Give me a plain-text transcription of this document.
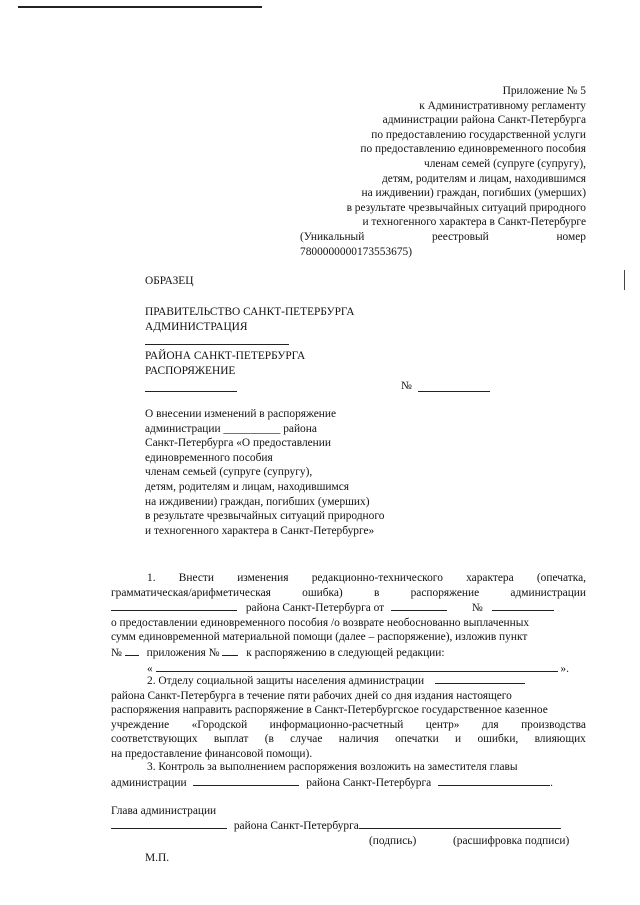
Приложение № 5
к Административному регламенту
администрации района Санкт-Петербурга
по предоставлению государственной услуги
по предоставлению единовременного пособия
членам семей (супруге (супругу),
детям, родителям и лицам, находившимся
на иждивении) граждан, погибших (умерших)
в результате чрезвычайных ситуаций природного
и техногенного характера в Санкт-Петербурге
(Уникальный	реестровый	номер
7800000000173553675)
ОБРАЗЕЦ
ПРАВИТЕЛЬСТВО САНКТ-ПЕТЕРБУРГА
АДМИНИСТРАЦИЯ
РАЙОНА САНКТ-ПЕТЕРБУРГА
РАСПОРЯЖЕНИЕ
№
О внесении изменений в распоряжение
администрации __________ района
Санкт-Петербурга «О предоставлении
единовременного пособия
членам семьей (супруге (супругу),
детям, родителям и лицам, находившимся
на иждивении) граждан, погибших (умерших)
в результате чрезвычайных ситуаций природного
и техногенного характера в Санкт-Петербурге»
1. Внести изменения редакционно-технического характера (опечатка,
грамматическая/арифметическая	ошибка)	в	распоряжение	администрации
района Санкт-Петербурга от	№
о предоставлении единовременного пособия /о возврате необоснованно выплаченных
сумм единовременной материальной помощи (далее – распоряжение), изложив пункт
№ приложения № к распоряжению в следующей редакции:
«	».
2. Отделу социальной защиты населения администрации
района Санкт-Петербурга в течение пяти рабочих дней со дня издания настоящего
распоряжения направить распоряжение в Санкт-Петербургское государственное казенное
учреждение «Городской информационно-расчетный центр» для производства
соответствующих выплат (в случае наличия опечатки и ошибки, влияющих
на предоставление финансовой помощи).
3. Контроль за выполнением распоряжения возложить на заместителя главы
администрации	района Санкт-Петербурга	.
Глава администрации
района Санкт-Петербурга
(подпись)	(расшифровка подписи)
М.П.
